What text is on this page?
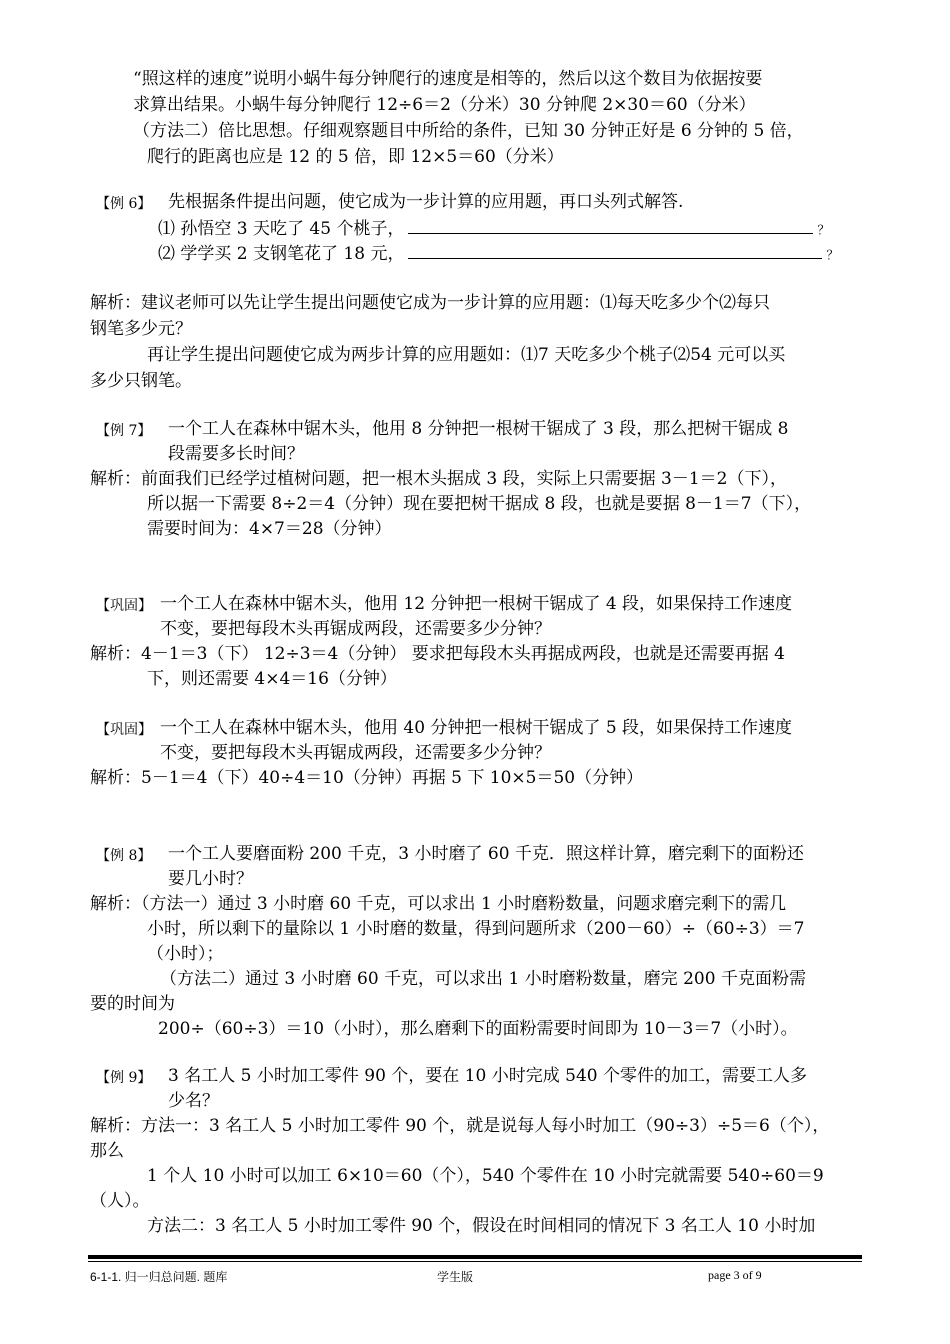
“照这样的速度”说明小蜗牛每分钟爬行的速度是相等的，然后以这个数目为依据按要
求算出结果。小蜗牛每分钟爬行 12÷6＝2（分米）30 分钟爬 2×30＝60（分米）
（方法二）倍比思想。仔细观察题目中所给的条件，已知 30 分钟正好是 6 分钟的 5 倍，
爬行的距离也应是 12 的 5 倍，即 12×5＝60（分米）
【例 6】 先根据条件提出问题，使它成为一步计算的应用题，再口头列式解答.
⑴ 孙悟空 3 天吃了 45 个桃子，	？
⑵ 学学买 2 支钢笔花了 18 元，	？
解析：建议老师可以先让学生提出问题使它成为一步计算的应用题：⑴每天吃多少个⑵每只
钢笔多少元？
再让学生提出问题使它成为两步计算的应用题如：⑴7 天吃多少个桃子⑵54 元可以买
多少只钢笔。
【例 7】 一个工人在森林中锯木头，他用 8 分钟把一根树干锯成了 3 段，那么把树干锯成 8
段需要多长时间？
解析：前面我们已经学过植树问题，把一根木头据成 3 段，实际上只需要据 3－1＝2（下），
所以据一下需要 8÷2＝4（分钟）现在要把树干据成 8 段，也就是要据 8－1＝7（下），
需要时间为：4×7＝28（分钟）
【巩固】 一个工人在森林中锯木头，他用 12 分钟把一根树干锯成了 4 段，如果保持工作速度
不变，要把每段木头再锯成两段，还需要多少分钟？
解析：4－1＝3（下） 12÷3＝4（分钟） 要求把每段木头再据成两段，也就是还需要再据 4
下，则还需要 4×4＝16（分钟）
【巩固】 一个工人在森林中锯木头，他用 40 分钟把一根树干锯成了 5 段，如果保持工作速度
不变，要把每段木头再锯成两段，还需要多少分钟？
解析：5－1＝4（下）40÷4＝10（分钟）再据 5 下 10×5＝50（分钟）
【例 8】 一个工人要磨面粉 200 千克，3 小时磨了 60 千克．照这样计算，磨完剩下的面粉还
要几小时？
解析：（方法一）通过 3 小时磨 60 千克，可以求出 1 小时磨粉数量，问题求磨完剩下的需几
小时，所以剩下的量除以 1 小时磨的数量，得到问题所求（200－60）÷（60÷3）＝7
（小时）；
（方法二）通过 3 小时磨 60 千克，可以求出 1 小时磨粉数量，磨完 200 千克面粉需
要的时间为
200÷（60÷3）＝10（小时），那么磨剩下的面粉需要时间即为 10－3＝7（小时）。
【例 9】 3 名工人 5 小时加工零件 90 个，要在 10 小时完成 540 个零件的加工，需要工人多
少名？
解析：方法一：3 名工人 5 小时加工零件 90 个，就是说每人每小时加工（90÷3）÷5＝6（个），
那么
1 个人 10 小时可以加工 6×10＝60（个），540 个零件在 10 小时完就需要 540÷60＝9
（人）。
方法二：3 名工人 5 小时加工零件 90 个，假设在时间相同的情况下 3 名工人 10 小时加
6-1-1. 归一归总问题. 题库	学生版	page 3 of 9
